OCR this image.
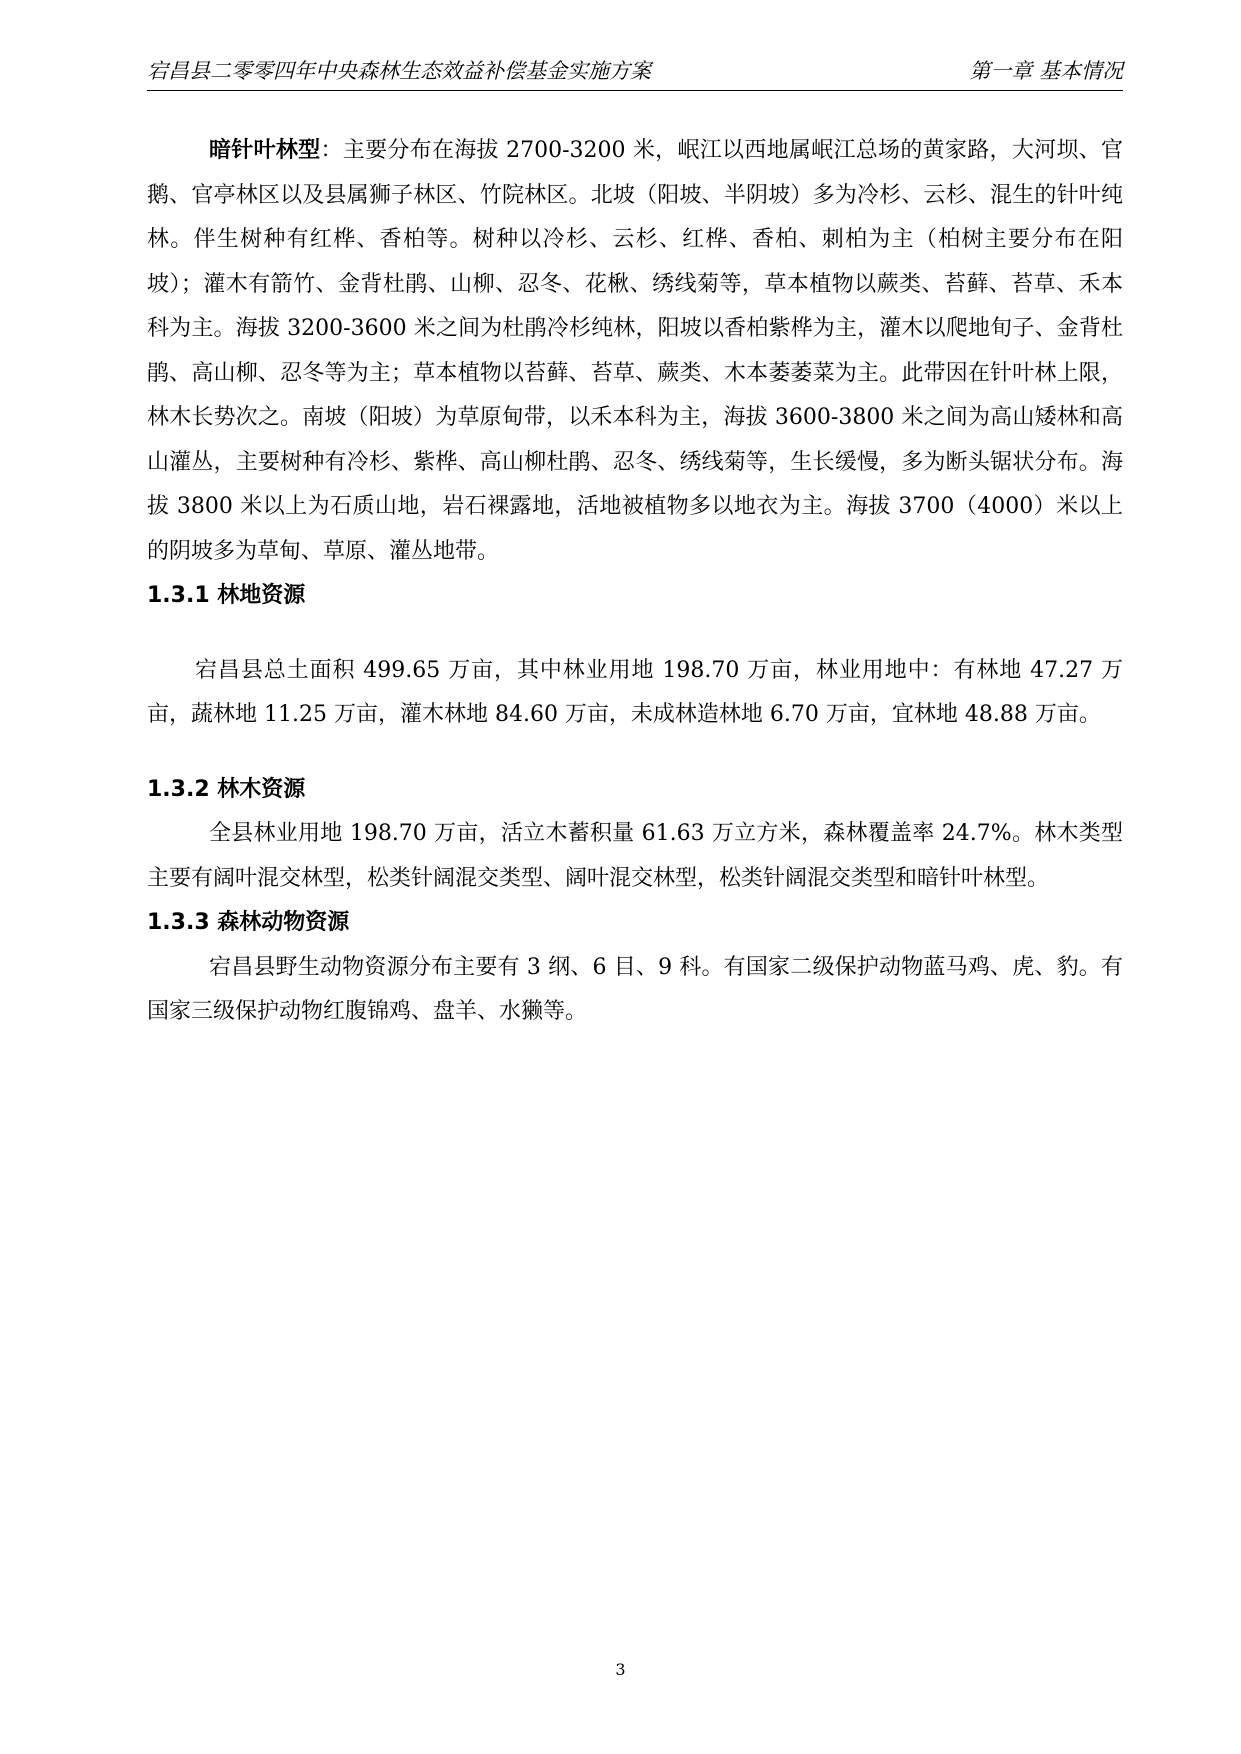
宕昌县二零零四年中央森林生态效益补偿基金实施方案	第一章 基本情况

暗针叶林型：主要分布在海拔 2700-3200 米，岷江以西地属岷江总场的黄家路，大河坝、官鹅、官亭林区以及县属狮子林区、竹院林区。北坡（阳坡、半阴坡）多为冷杉、云杉、混生的针叶纯林。伴生树种有红桦、香柏等。树种以冷杉、云杉、红桦、香柏、刺柏为主（柏树主要分布在阳坡）；灌木有箭竹、金背杜鹃、山柳、忍冬、花楸、绣线菊等，草本植物以蕨类、苔藓、苔草、禾本科为主。海拔 3200-3600 米之间为杜鹃冷杉纯林，阳坡以香柏紫桦为主，灌木以爬地旬子、金背杜鹃、高山柳、忍冬等为主；草本植物以苔藓、苔草、蕨类、木本萎萎菜为主。此带因在针叶林上限，林木长势次之。南坡（阳坡）为草原甸带，以禾本科为主，海拔 3600-3800 米之间为高山矮林和高山灌丛，主要树种有冷杉、紫桦、高山柳杜鹃、忍冬、绣线菊等，生长缓慢，多为断头锯状分布。海拔 3800 米以上为石质山地，岩石裸露地，活地被植物多以地衣为主。海拔 3700（4000）米以上的阴坡多为草甸、草原、灌丛地带。

1.3.1 林地资源

宕昌县总土面积 499.65 万亩，其中林业用地 198.70 万亩，林业用地中：有林地 47.27 万亩，蔬林地 11.25 万亩，灌木林地 84.60 万亩，未成林造林地 6.70 万亩，宜林地 48.88 万亩。

1.3.2 林木资源

全县林业用地 198.70 万亩，活立木蓄积量 61.63 万立方米，森林覆盖率 24.7%。林木类型主要有阔叶混交林型，松类针阔混交类型、阔叶混交林型，松类针阔混交类型和暗针叶林型。

1.3.3 森林动物资源

宕昌县野生动物资源分布主要有 3 纲、6 目、9 科。有国家二级保护动物蓝马鸡、虎、豹。有国家三级保护动物红腹锦鸡、盘羊、水獭等。

3
